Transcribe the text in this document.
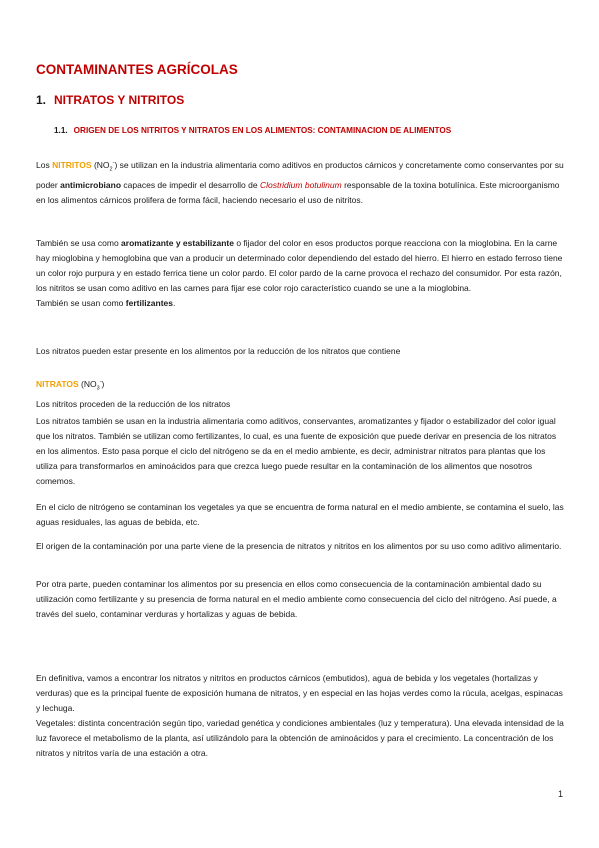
CONTAMINANTES AGRÍCOLAS
1. NITRATOS Y NITRITOS
1.1. ORIGEN DE LOS NITRITOS Y NITRATOS EN LOS ALIMENTOS: CONTAMINACION DE ALIMENTOS

Los NITRITOS $(NO_2^-)$ se utilizan en la industria alimentaria como aditivos en productos cárnicos y concretamente como conservantes por su poder antimicrobiano capaces de impedir el desarrollo de Clostridium botulinum responsable de la toxina botulínica. Este microorganismo en los alimentos cárnicos prolifera de forma fácil, haciendo necesario el uso de nitritos.

También se usa como aromatizante y estabilizante o fijador del color en esos productos porque reacciona con la mioglobina. En la carne hay mioglobina y hemoglobina que van a producir un determinado color dependiendo del estado del hierro. El hierro en estado ferroso tiene un color rojo purpura y en estado ferrica tiene un color pardo. El color pardo de la carne provoca el rechazo del consumidor. Por esta razón, los nitritos se usan como aditivo en las carnes para fijar ese color rojo característico cuando se une a la mioglobina.
También se usan como fertilizantes.

Los nitratos pueden estar presente en los alimentos por la reducción de los nitratos que contiene

NITRATOS $(NO_3^-)$
Los nitritos proceden de la reducción de los nitratos

Los nitratos también se usan en la industria alimentaria como aditivos, conservantes, aromatizantes y fijador o estabilizador del color igual que los nitratos. También se utilizan como fertilizantes, lo cual, es una fuente de exposición que puede derivar en presencia de los nitratos en los alimentos. Esto pasa porque el ciclo del nitrógeno se da en el medio ambiente, es decir, administrar nitratos para plantas que los utiliza para transformarlos en aminoácidos para que crezca luego puede resultar en la contaminación de los alimentos que nosotros comemos.

En el ciclo de nitrógeno se contaminan los vegetales ya que se encuentra de forma natural en el medio ambiente, se contamina el suelo, las aguas residuales, las aguas de bebida, etc.

El origen de la contaminación por una parte viene de la presencia de nitratos y nitritos en los alimentos por su uso como aditivo alimentario.

Por otra parte, pueden contaminar los alimentos por su presencia en ellos como consecuencia de la contaminación ambiental dado su utilización como fertilizante y su presencia de forma natural en el medio ambiente como consecuencia del ciclo del nitrógeno. Así puede, a través del suelo, contaminar verduras y hortalizas y aguas de bebida.

En definitiva, vamos a encontrar los nitratos y nitritos en productos cárnicos (embutidos), agua de bebida y los vegetales (hortalizas y verduras) que es la principal fuente de exposición humana de nitratos, y en especial en las hojas verdes como la rúcula, acelgas, espinacas y lechuga.

Vegetales: distinta concentración según tipo, variedad genética y condiciones ambientales (luz y temperatura). Una elevada intensidad de la luz favorece el metabolismo de la planta, así utilizándolo para la obtención de aminoácidos y para el crecimiento. La concentración de los nitratos y nitritos varía de una estación a otra.

1
